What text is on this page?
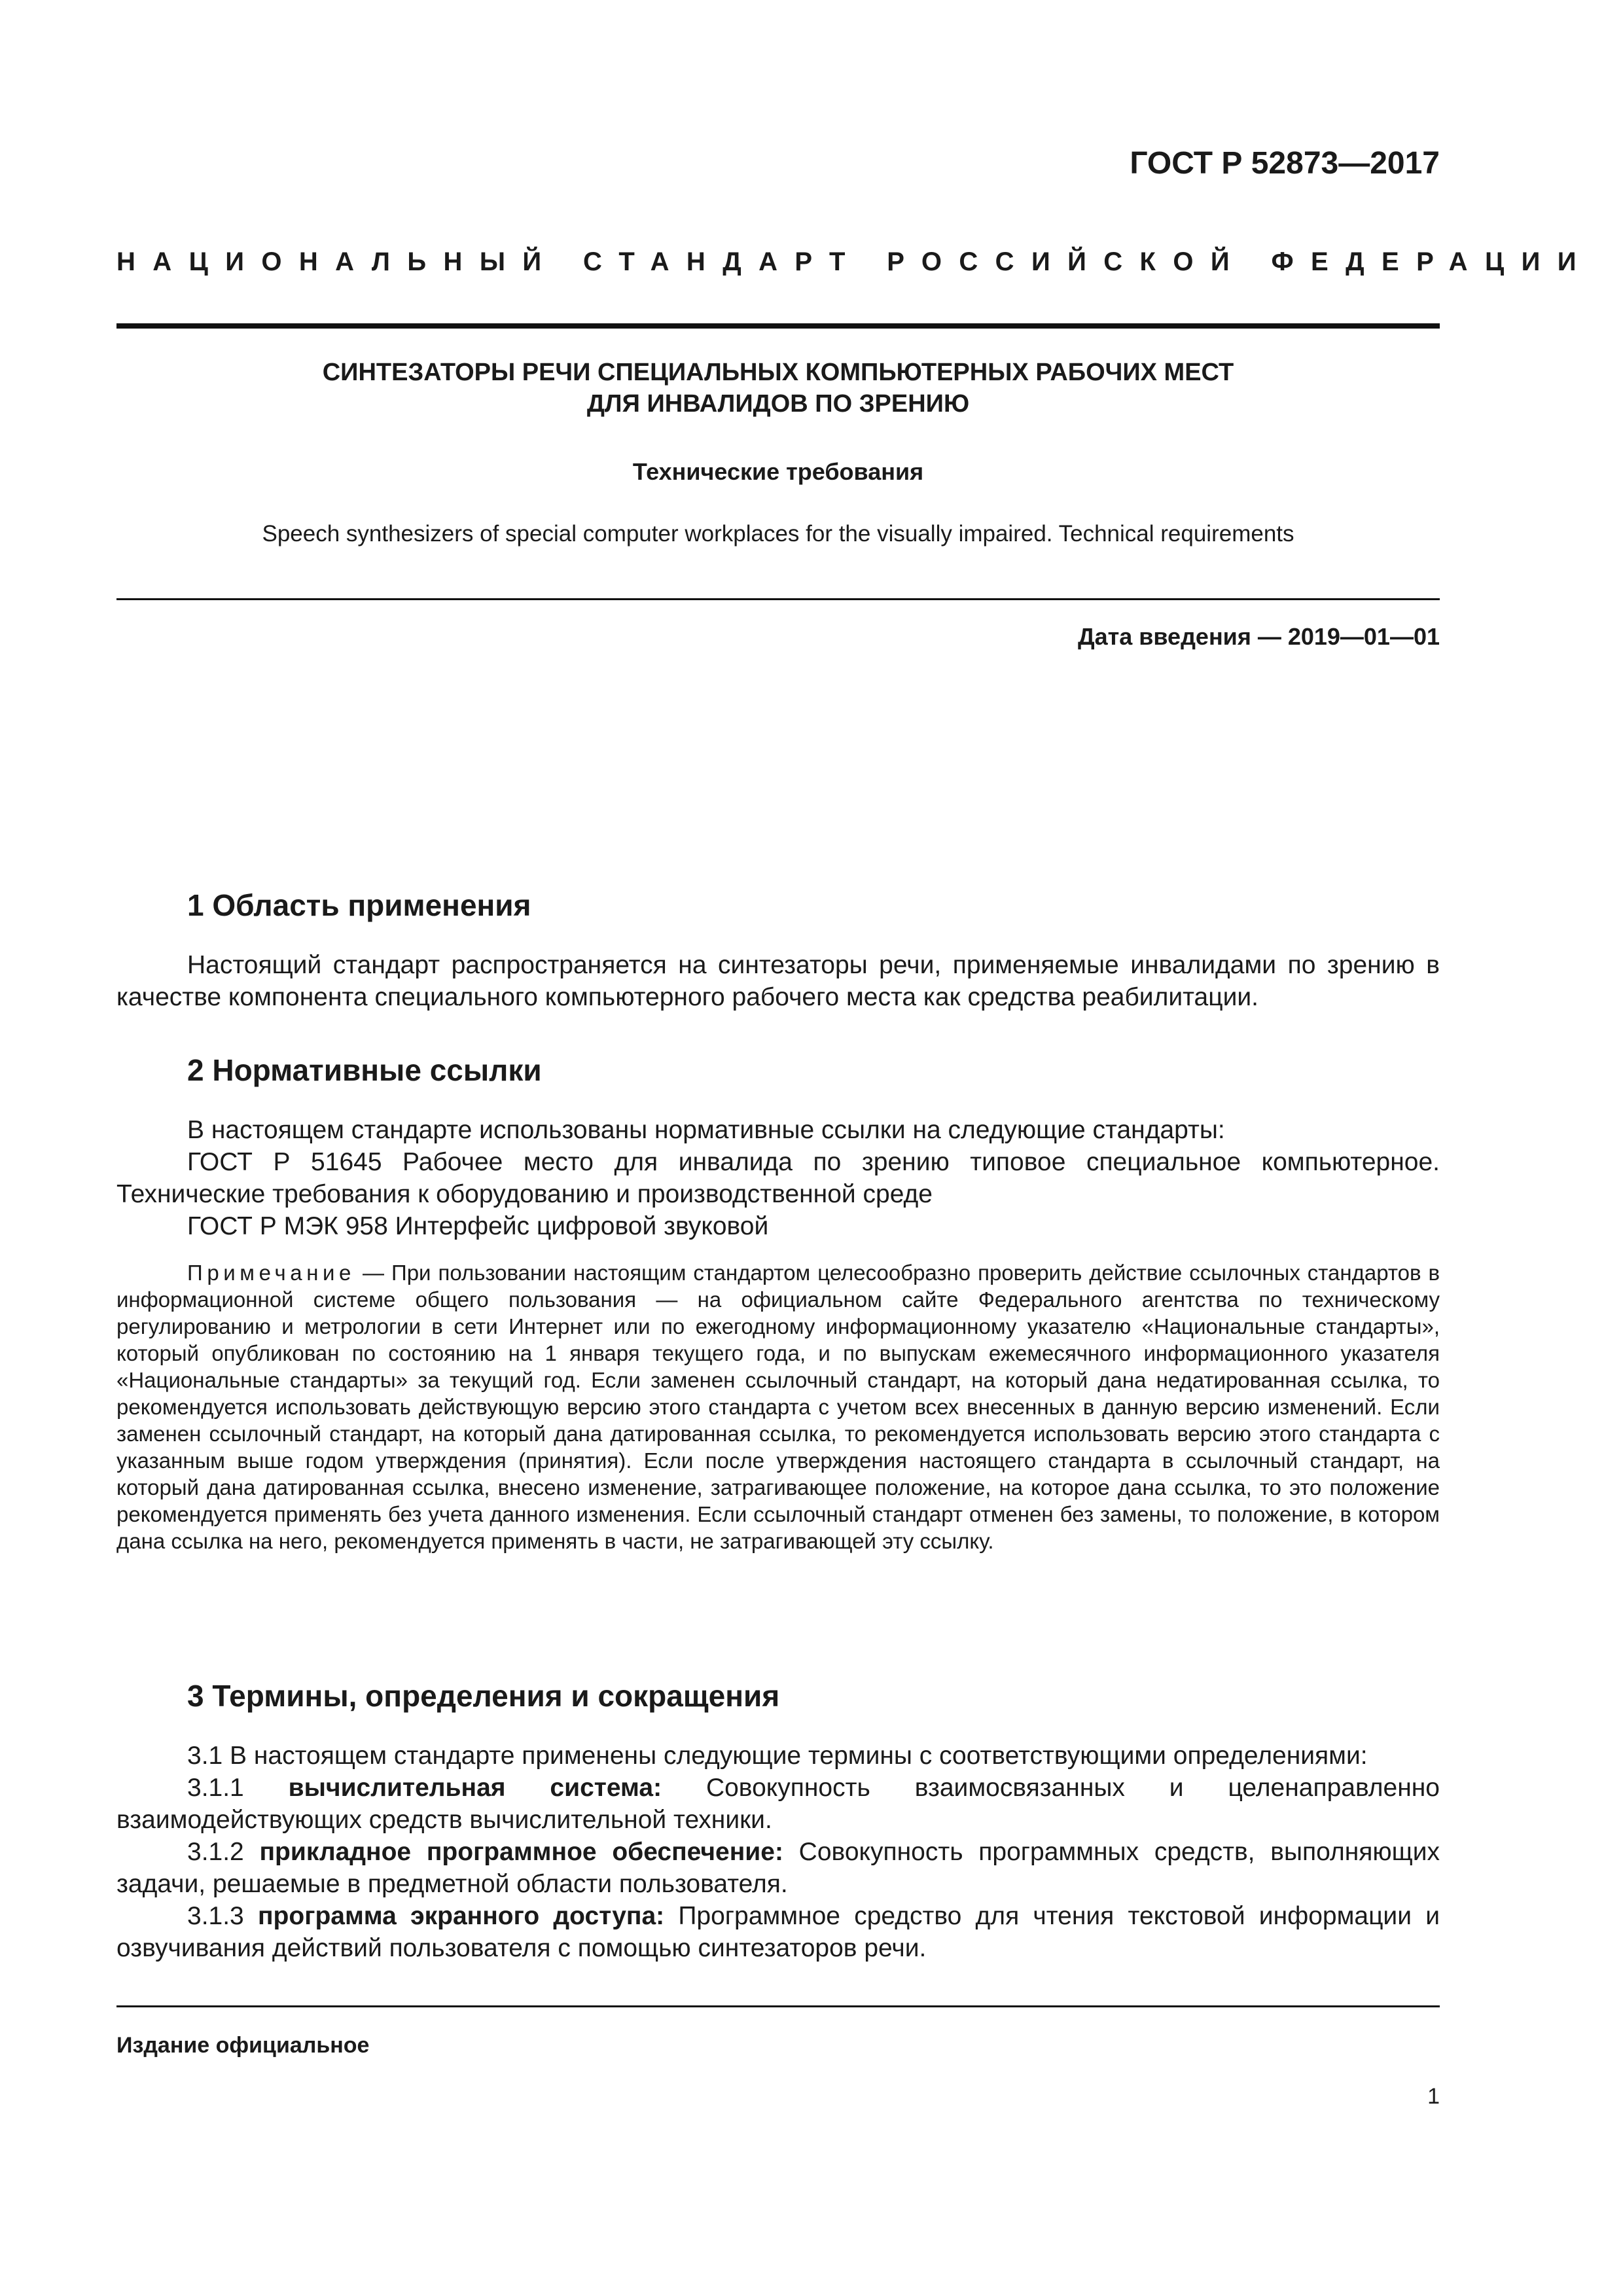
ГОСТ Р 52873—2017
НАЦИОНАЛЬНЫЙ СТАНДАРТ РОССИЙСКОЙ ФЕДЕРАЦИИ
СИНТЕЗАТОРЫ РЕЧИ СПЕЦИАЛЬНЫХ КОМПЬЮТЕРНЫХ РАБОЧИХ МЕСТ
ДЛЯ ИНВАЛИДОВ ПО ЗРЕНИЮ
Технические требования
Speech synthesizers of special computer workplaces for the visually impaired. Technical requirements
Дата введения — 2019—01—01
1 Область применения

Настоящий стандарт распространяется на синтезаторы речи, применяемые инвалидами по зрению в качестве компонента специального компьютерного рабочего места как средства реабилитации.

2 Нормативные ссылки

В настоящем стандарте использованы нормативные ссылки на следующие стандарты:

ГОСТ Р 51645 Рабочее место для инвалида по зрению типовое специальное компьютерное. Технические требования к оборудованию и производственной среде

ГОСТ Р МЭК 958 Интерфейс цифровой звуковой

Примечание — При пользовании настоящим стандартом целесообразно проверить действие ссылочных стандартов в информационной системе общего пользования — на официальном сайте Федерального агентства по техническому регулированию и метрологии в сети Интернет или по ежегодному информационному указателю «Национальные стандарты», который опубликован по состоянию на 1 января текущего года, и по выпускам ежемесячного информационного указателя «Национальные стандарты» за текущий год. Если заменен ссылочный стандарт, на который дана недатированная ссылка, то рекомендуется использовать действующую версию этого стандарта с учетом всех внесенных в данную версию изменений. Если заменен ссылочный стандарт, на который дана датированная ссылка, то рекомендуется использовать версию этого стандарта с указанным выше годом утверждения (принятия). Если после утверждения настоящего стандарта в ссылочный стандарт, на который дана датированная ссылка, внесено изменение, затрагивающее положение, на которое дана ссылка, то это положение рекомендуется применять без учета данного изменения. Если ссылочный стандарт отменен без замены, то положение, в котором дана ссылка на него, рекомендуется применять в части, не затрагивающей эту ссылку.

3 Термины, определения и сокращения

3.1 В настоящем стандарте применены следующие термины с соответствующими определениями:

3.1.1 вычислительная система: Совокупность взаимосвязанных и целенаправленно взаимодействующих средств вычислительной техники.

3.1.2 прикладное программное обеспечение: Совокупность программных средств, выполняющих задачи, решаемые в предметной области пользователя.

3.1.3 программа экранного доступа: Программное средство для чтения текстовой информации и озвучивания действий пользователя с помощью синтезаторов речи.

Издание официальное
1
